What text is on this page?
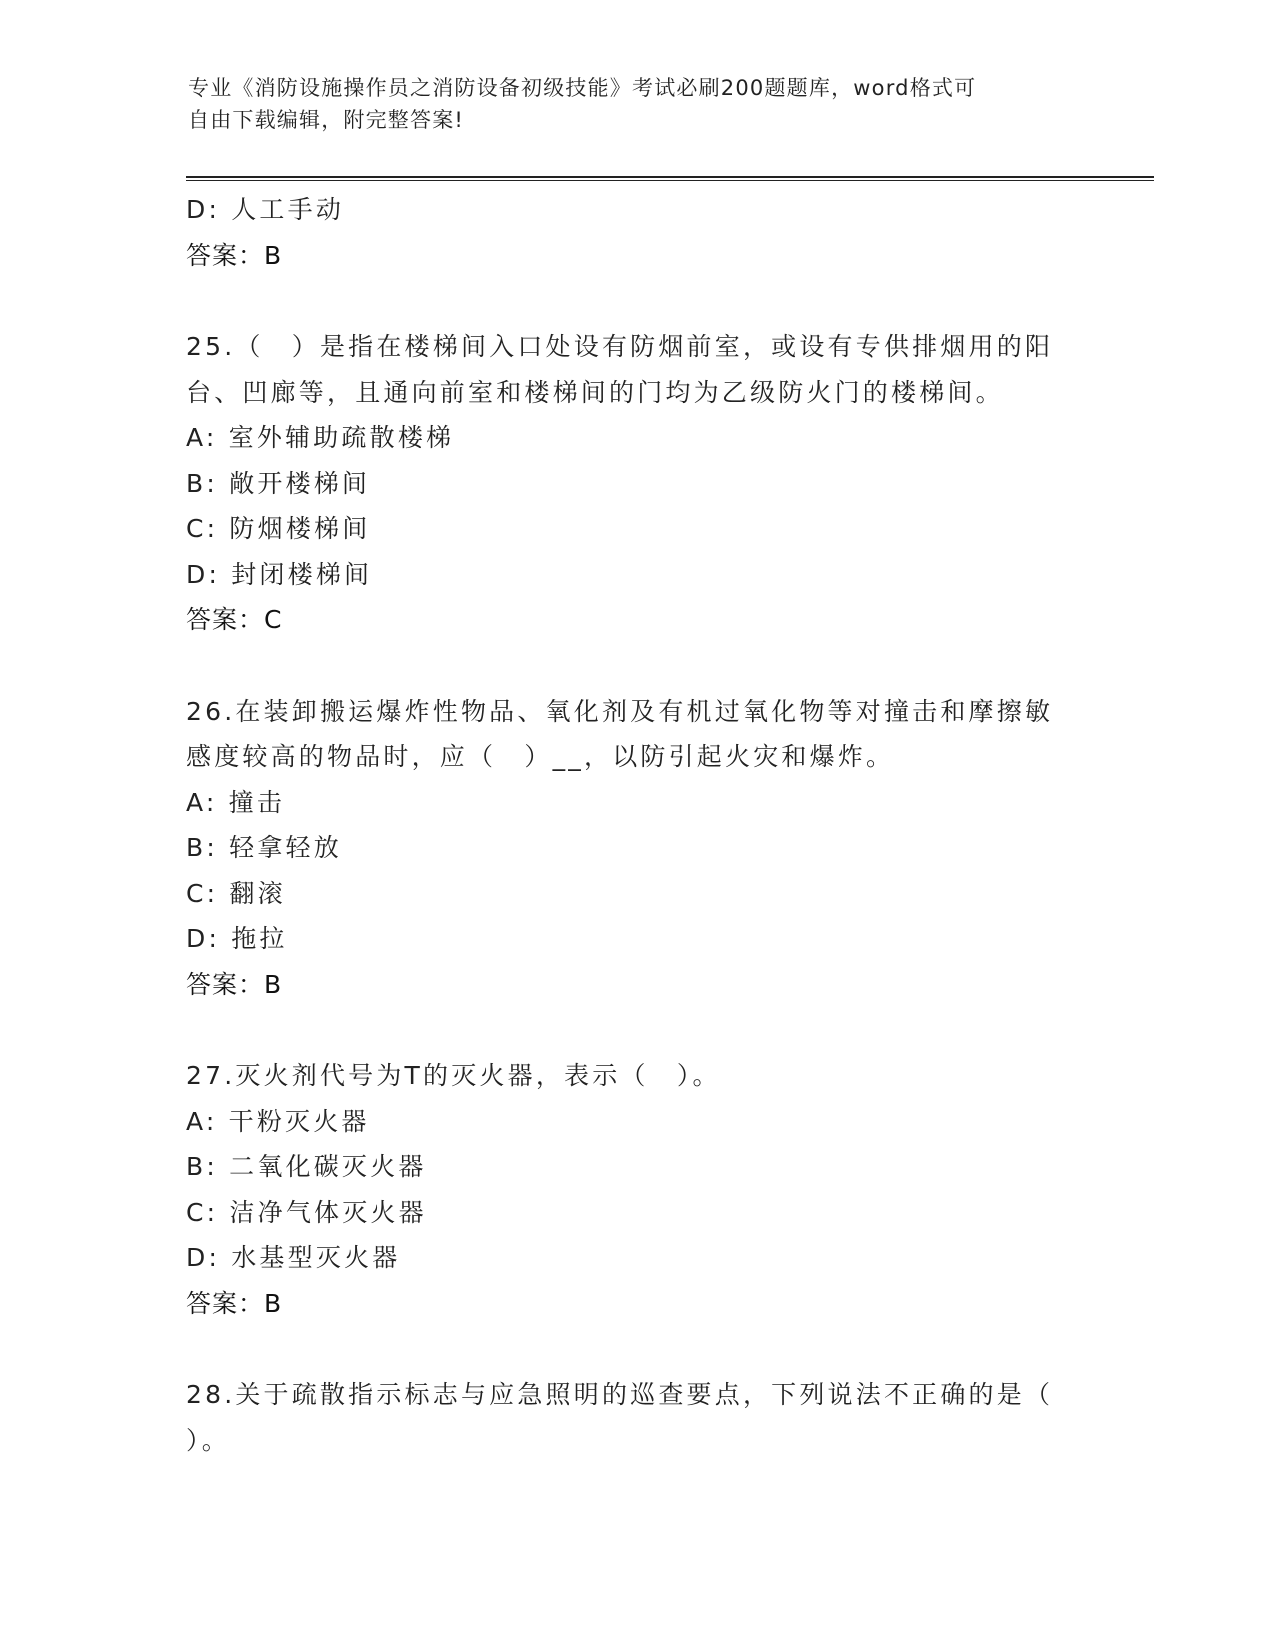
专业《消防设施操作员之消防设备初级技能》考试必刷200题题库，word格式可
自由下载编辑，附完整答案!
D: 人工手动
答案：B
25.（　）是指在楼梯间入口处设有防烟前室，或设有专供排烟用的阳
台、凹廊等，且通向前室和楼梯间的门均为乙级防火门的楼梯间。
A: 室外辅助疏散楼梯
B: 敞开楼梯间
C: 防烟楼梯间
D: 封闭楼梯间
答案：C
26.在装卸搬运爆炸性物品、氧化剂及有机过氧化物等对撞击和摩擦敏
感度较高的物品时，应（　）__，以防引起火灾和爆炸。
A: 撞击
B: 轻拿轻放
C: 翻滚
D: 拖拉
答案：B
27.灭火剂代号为T的灭火器，表示（　）。
A: 干粉灭火器
B: 二氧化碳灭火器
C: 洁净气体灭火器
D: 水基型灭火器
答案：B
28.关于疏散指示标志与应急照明的巡查要点，下列说法不正确的是（
）。
